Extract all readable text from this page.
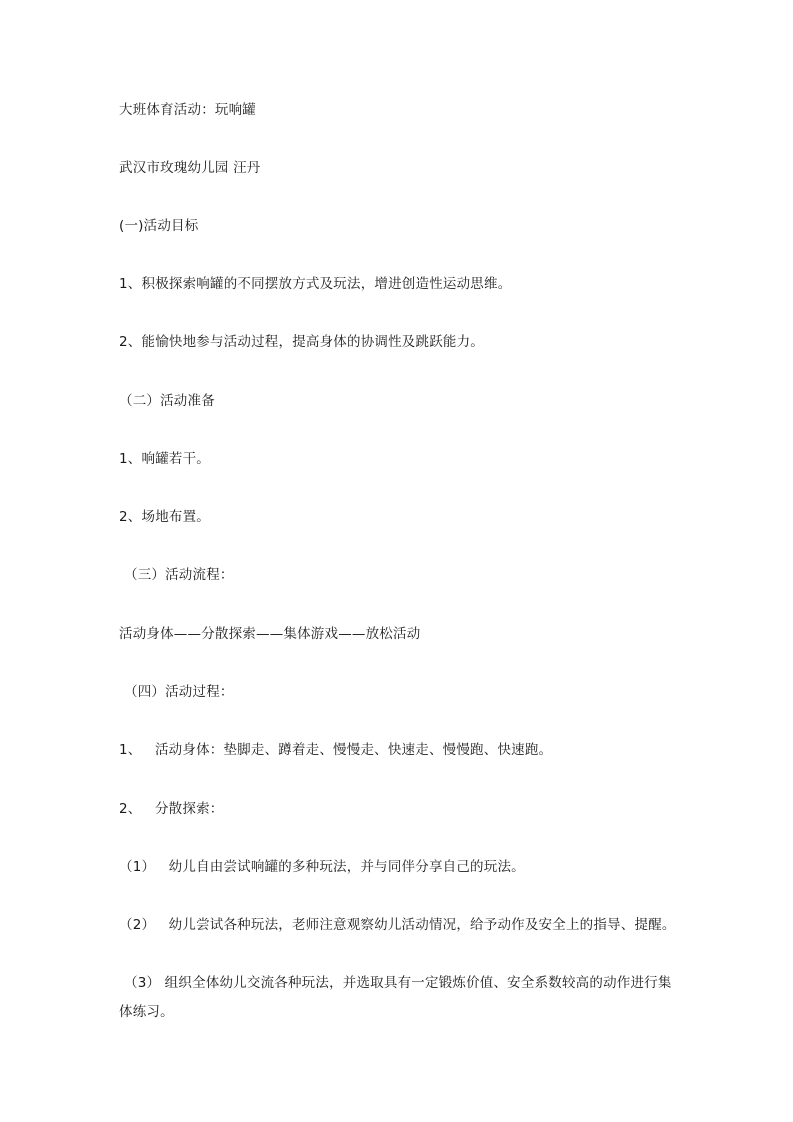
大班体育活动：玩响罐
武汉市玫瑰幼儿园 汪丹
(一)活动目标
1、积极探索响罐的不同摆放方式及玩法，增进创造性运动思维。
2、能愉快地参与活动过程，提高身体的协调性及跳跃能力。
（二）活动准备
1、响罐若干。
2、场地布置。
（三）活动流程：
活动身体——分散探索——集体游戏——放松活动
（四）活动过程：
1、   活动身体：垫脚走、蹲着走、慢慢走、快速走、慢慢跑、快速跑。
2、   分散探索：
（1）   幼儿自由尝试响罐的多种玩法，并与同伴分享自己的玩法。
（2）   幼儿尝试各种玩法，老师注意观察幼儿活动情况，给予动作及安全上的指导、提醒。
（3） 组织全体幼儿交流各种玩法，并选取具有一定锻炼价值、安全系数较高的动作进行集体练习。
